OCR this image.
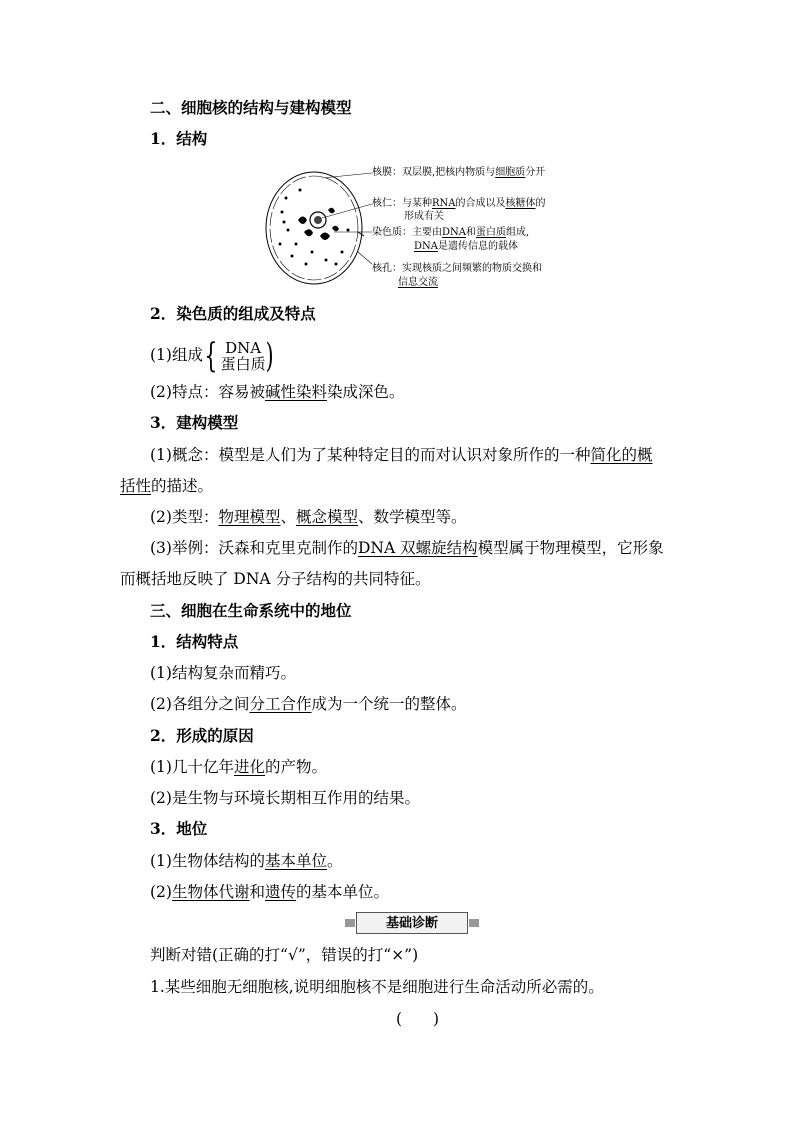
二、细胞核的结构与建构模型
1．结构
核膜：双层膜,把核内物质与细胞质分开
核仁：与某种RNA的合成以及核糖体的
形成有关
染色质：主要由DNA和蛋白质组成,
DNA是遗传信息的载体
核孔：实现核质之间频繁的物质交换和
信息交流
2．染色质的组成及特点
(1)组成{ DNA
蛋白质 )
(2)特点：容易被碱性染料染成深色。
3．建构模型
(1)概念：模型是人们为了某种特定目的而对认识对象所作的一种简化的概
括性的描述。
(2)类型：物理模型、概念模型、数学模型等。
(3)举例：沃森和克里克制作的DNA 双螺旋结构模型属于物理模型，它形象
而概括地反映了 DNA 分子结构的共同特征。
三、细胞在生命系统中的地位
1．结构特点
(1)结构复杂而精巧。
(2)各组分之间分工合作成为一个统一的整体。
2．形成的原因
(1)几十亿年进化的产物。
(2)是生物与环境长期相互作用的结果。
3．地位
(1)生物体结构的基本单位。
(2)生物体代谢和遗传的基本单位。
基础诊断
判断对错(正确的打“√”，错误的打“×”)
1.某些细胞无细胞核,说明细胞核不是细胞进行生命活动所必需的。
(　　)
